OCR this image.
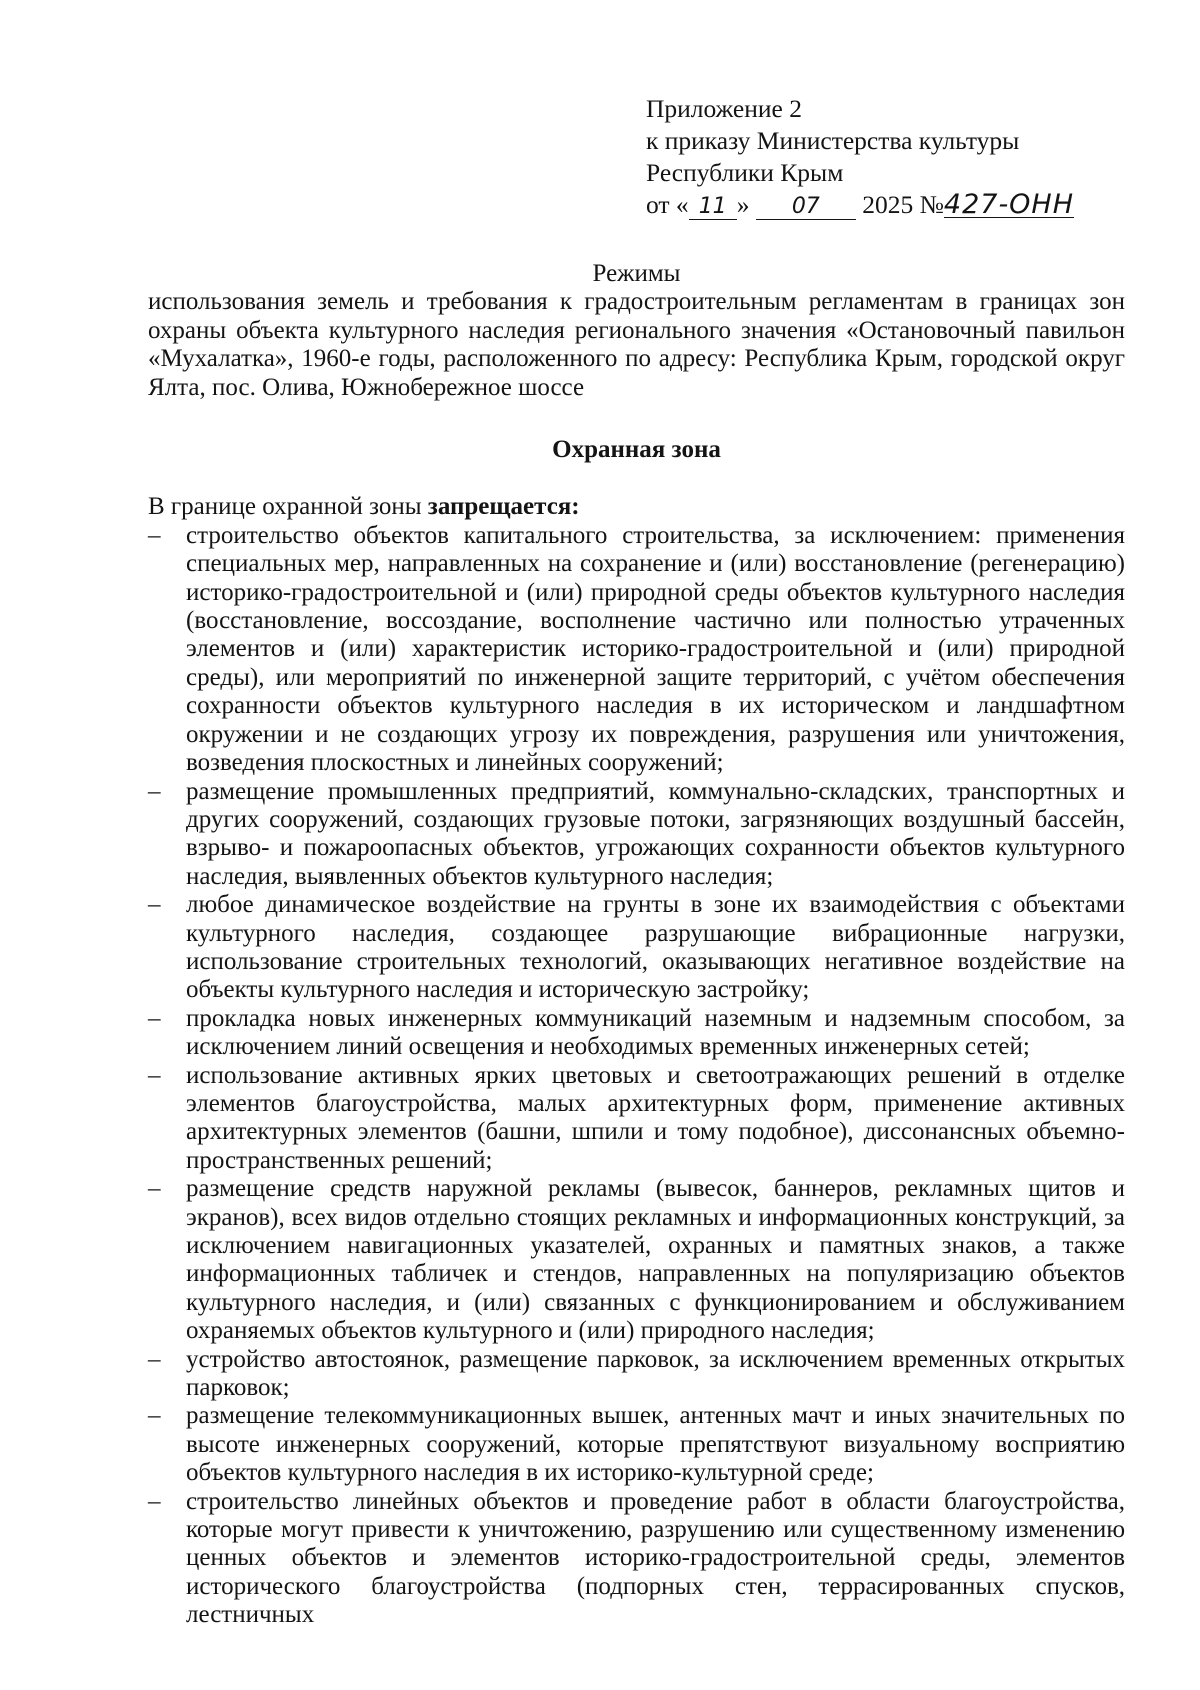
Приложение 2
к приказу Министерства культуры
Республики Крым
от « 11 » 07 2025 №427-ОНН
Режимы
использования земель и требования к градостроительным регламентам в границах зон охраны объекта культурного наследия регионального значения «Остановочный павильон «Мухалатка», 1960-е годы, расположенного по адресу: Республика Крым, городской округ Ялта, пос. Олива, Южнобережное шоссе
Охранная зона
В границе охранной зоны запрещается:
– строительство объектов капитального строительства, за исключением: применения специальных мер, направленных на сохранение и (или) восстановление (регенерацию) историко-градостроительной и (или) природной среды объектов культурного наследия (восстановление, воссоздание, восполнение частично или полностью утраченных элементов и (или) характеристик историко-градостроительной и (или) природной среды), или мероприятий по инженерной защите территорий, с учётом обеспечения сохранности объектов культурного наследия в их историческом и ландшафтном окружении и не создающих угрозу их повреждения, разрушения или уничтожения, возведения плоскостных и линейных сооружений;
– размещение промышленных предприятий, коммунально-складских, транспортных и других сооружений, создающих грузовые потоки, загрязняющих воздушный бассейн, взрыво- и пожароопасных объектов, угрожающих сохранности объектов культурного наследия, выявленных объектов культурного наследия;
– любое динамическое воздействие на грунты в зоне их взаимодействия с объектами культурного наследия, создающее разрушающие вибрационные нагрузки, использование строительных технологий, оказывающих негативное воздействие на объекты культурного наследия и историческую застройку;
– прокладка новых инженерных коммуникаций наземным и надземным способом, за исключением линий освещения и необходимых временных инженерных сетей;
– использование активных ярких цветовых и светоотражающих решений в отделке элементов благоустройства, малых архитектурных форм, применение активных архитектурных элементов (башни, шпили и тому подобное), диссонансных объемно-пространственных решений;
– размещение средств наружной рекламы (вывесок, баннеров, рекламных щитов и экранов), всех видов отдельно стоящих рекламных и информационных конструкций, за исключением навигационных указателей, охранных и памятных знаков, а также информационных табличек и стендов, направленных на популяризацию объектов культурного наследия, и (или) связанных с функционированием и обслуживанием охраняемых объектов культурного и (или) природного наследия;
– устройство автостоянок, размещение парковок, за исключением временных открытых парковок;
– размещение телекоммуникационных вышек, антенных мачт и иных значительных по высоте инженерных сооружений, которые препятствуют визуальному восприятию объектов культурного наследия в их историко-культурной среде;
– строительство линейных объектов и проведение работ в области благоустройства, которые могут привести к уничтожению, разрушению или существенному изменению ценных объектов и элементов историко-градостроительной среды, элементов исторического благоустройства (подпорных стен, террасированных спусков, лестничных
